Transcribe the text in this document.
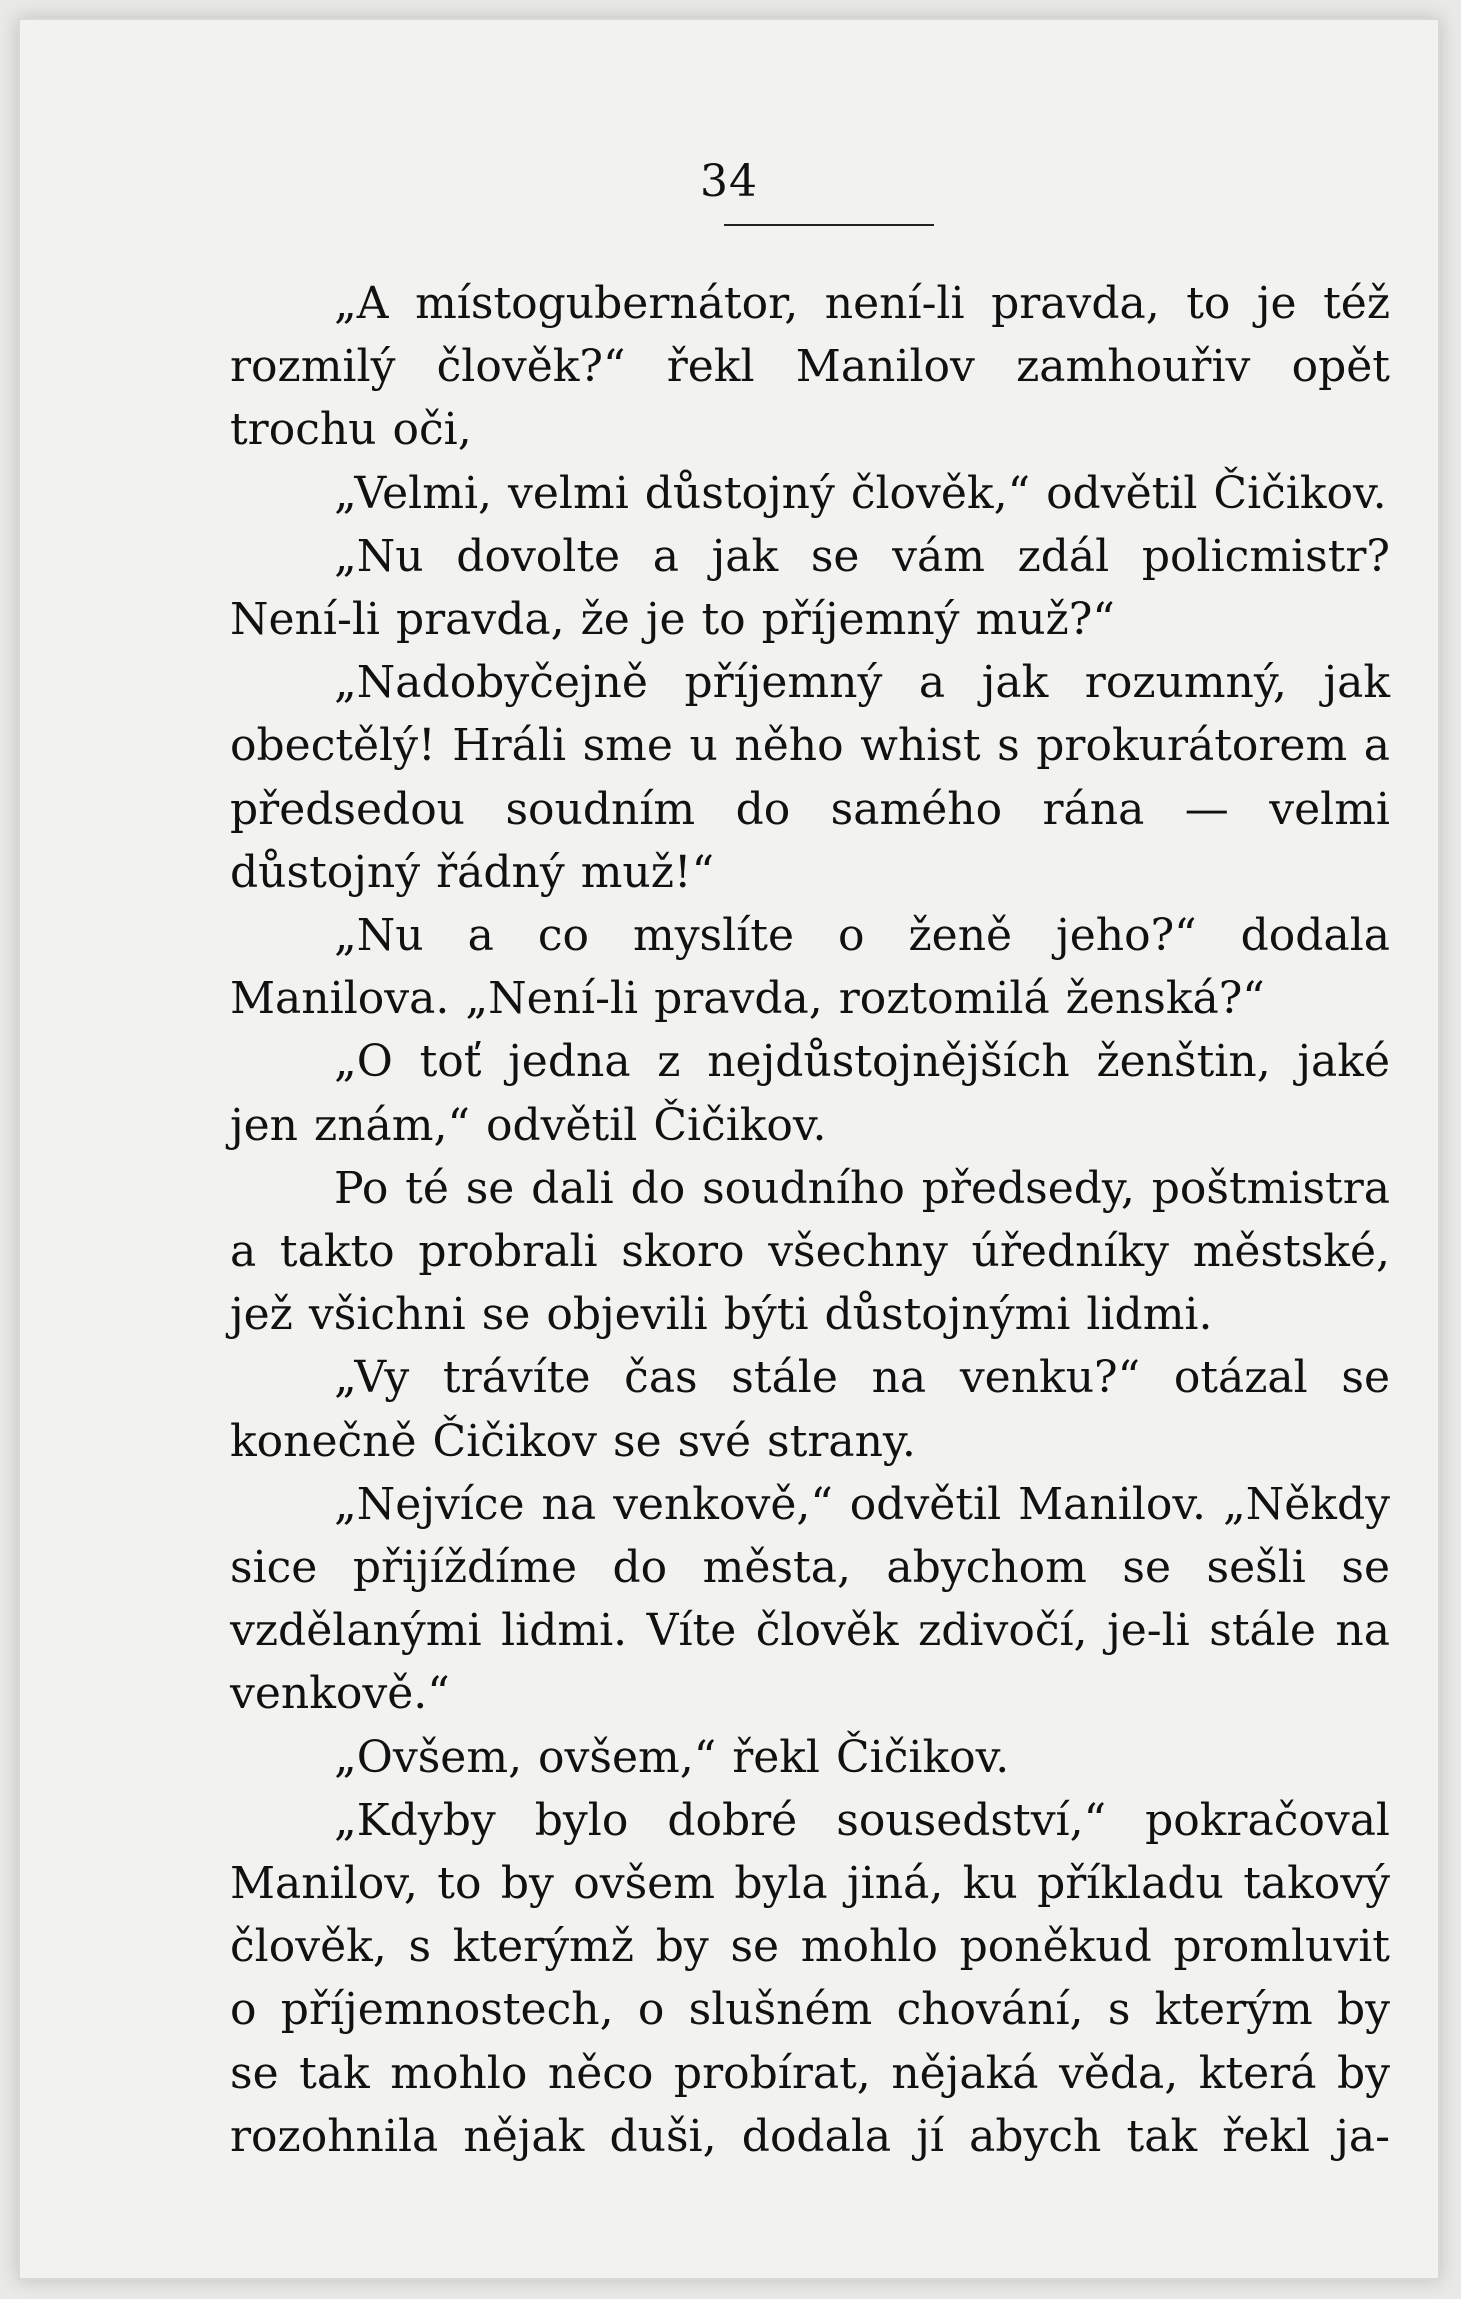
34

„A místogubernátor, není-li pravda, to je též rozmilý člověk?“ řekl Manilov zamhouřiv opět trochu oči,

„Velmi, velmi důstojný člověk,“ odvětil Čičikov.

„Nu dovolte a jak se vám zdál policmistr? Není-li pravda, že je to příjemný muž?“

„Nadobyčejně příjemný a jak rozumný, jak obectělý! Hráli sme u něho whist s prokurátorem a předsedou soudním do samého rána — velmi důstojný řádný muž!“

„Nu a co myslíte o ženě jeho?“ dodala Manilova. „Není-li pravda, roztomilá ženská?“

„O toť jedna z nejdůstojnějších ženštin, jaké jen znám,“ odvětil Čičikov.

Po té se dali do soudního předsedy, poštmistra a takto probrali skoro všechny úředníky městské, jež všichni se objevili býti důstojnými lidmi.

„Vy trávíte čas stále na venku?“ otázal se konečně Čičikov se své strany.

„Nejvíce na venkově,“ odvětil Manilov. „Někdy sice přijíždíme do města, abychom se sešli se vzdělanými lidmi. Víte člověk zdivočí, je-li stále na venkově.“

„Ovšem, ovšem,“ řekl Čičikov.

„Kdyby bylo dobré sousedství,“ pokračoval Manilov, to by ovšem byla jiná, ku příkladu takový člověk, s kterýmž by se mohlo poněkud promluvit o příjemnostech, o slušném chování, s kterým by se tak mohlo něco probírat, nějaká věda, která by rozohnila nějak duši, dodala jí abych tak řekl ja-
